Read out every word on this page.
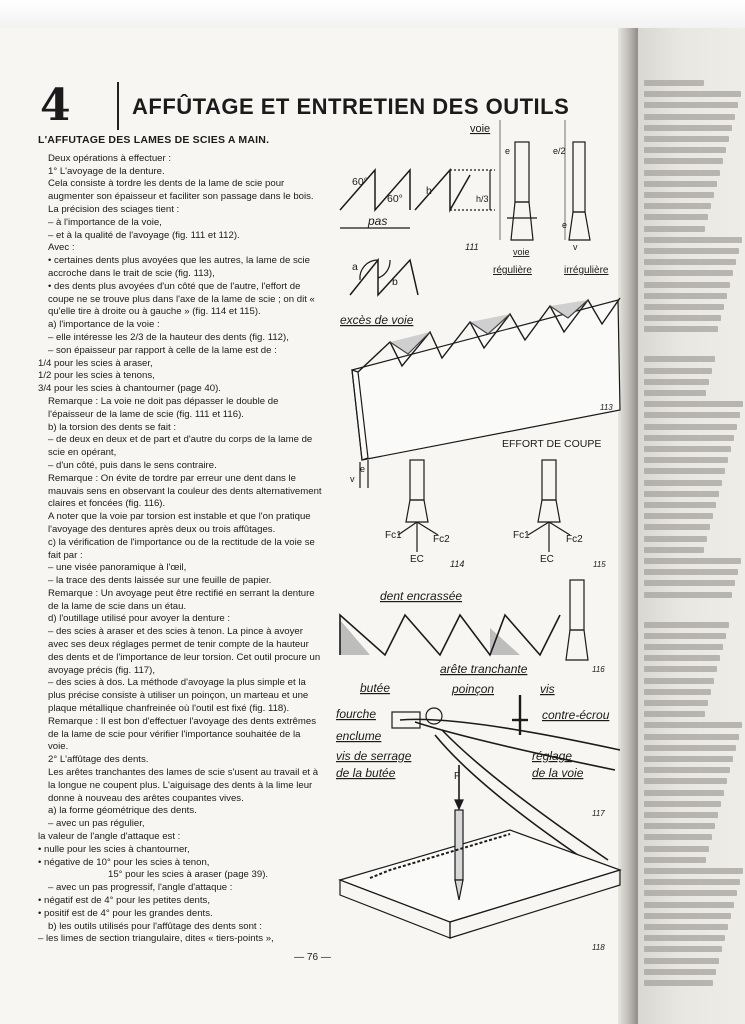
4	AFFÛTAGE ET ENTRETIEN DES OUTILS
L'AFFUTAGE DES LAMES DE SCIES A MAIN.

Deux opérations à effectuer :

1° L'avoyage de la denture.

Cela consiste à tordre les dents de la lame de scie pour augmenter son épaisseur et faciliter son passage dans le bois.

La précision des sciages tient :

– à l'importance de la voie,

– et à la qualité de l'avoyage (fig. 111 et 112).

Avec :

• certaines dents plus avoyées que les autres, la lame de scie accroche dans le trait de scie (fig. 113),

• des dents plus avoyées d'un côté que de l'autre, l'effort de coupe ne se trouve plus dans l'axe de la lame de scie ; on dit « qu'elle tire à droite ou à gauche » (fig. 114 et 115).

a) l'importance de la voie :

– elle intéresse les 2/3 de la hauteur des dents (fig. 112),

– son épaisseur par rapport à celle de la lame est de :

1/4 pour les scies à araser,

1/2 pour les scies à tenons,

3/4 pour les scies à chantourner (page 40).

Remarque : La voie ne doit pas dépasser le double de l'épaisseur de la lame de scie (fig. 111 et 116).

b) la torsion des dents se fait :

– de deux en deux et de part et d'autre du corps de la lame de scie en opérant,

– d'un côté, puis dans le sens contraire.

Remarque : On évite de tordre par erreur une dent dans le mauvais sens en observant la couleur des dents alternativement claires et foncées (fig. 116).

A noter que la voie par torsion est instable et que l'on pratique l'avoyage des dentures après deux ou trois affûtages.

c) la vérification de l'importance ou de la rectitude de la voie se fait par :

– une visée panoramique à l'œil,

– la trace des dents laissée sur une feuille de papier.

Remarque : Un avoyage peut être rectifié en serrant la denture de la lame de scie dans un étau.

d) l'outillage utilisé pour avoyer la denture :

– des scies à araser et des scies à tenon. La pince à avoyer avec ses deux réglages permet de tenir compte de la hauteur des dents et de l'importance de leur torsion. Cet outil procure un avoyage précis (fig. 117),

– des scies à dos. La méthode d'avoyage la plus simple et la plus précise consiste à utiliser un poinçon, un marteau et une plaque métallique chanfreinée où l'outil est fixé (fig. 118).

Remarque : Il est bon d'effectuer l'avoyage des dents extrêmes de la lame de scie pour vérifier l'importance souhaitée de la voie.

2° L'affûtage des dents.

Les arêtes tranchantes des lames de scie s'usent au travail et à la longue ne coupent plus. L'aiguisage des dents à la lime leur donne à nouveau des arêtes coupantes vives.

a) la forme géométrique des dents.

– avec un pas régulier,

la valeur de l'angle d'attaque est :

• nulle pour les scies à chantourner,

• négative de 10° pour les scies à tenon,

15° pour les scies à araser (page 39).

– avec un pas progressif, l'angle d'attaque :

• négatif est de 4° pour les petites dents,

• positif est de 4° pour les grandes dents.

b) les outils utilisés pour l'affûtage des dents sont :

– les limes de section triangulaire, dites « tiers-points »,

voie
60°
60°
pas
h
h/3
a
b
e	e/2
voie
e
v
111
régulière	irrégulière
excès de voie
v
e
113
EFFORT DE COUPE
Fc1	Fc2
EC	114
Fc1	Fc2
EC	115
dent encrassée
arête tranchante	116
butée	poinçon	vis
fourche	contre-écrou
enclume
vis de serrage
de la butée
réglage
de la voie
117
F
118
— 76 —
